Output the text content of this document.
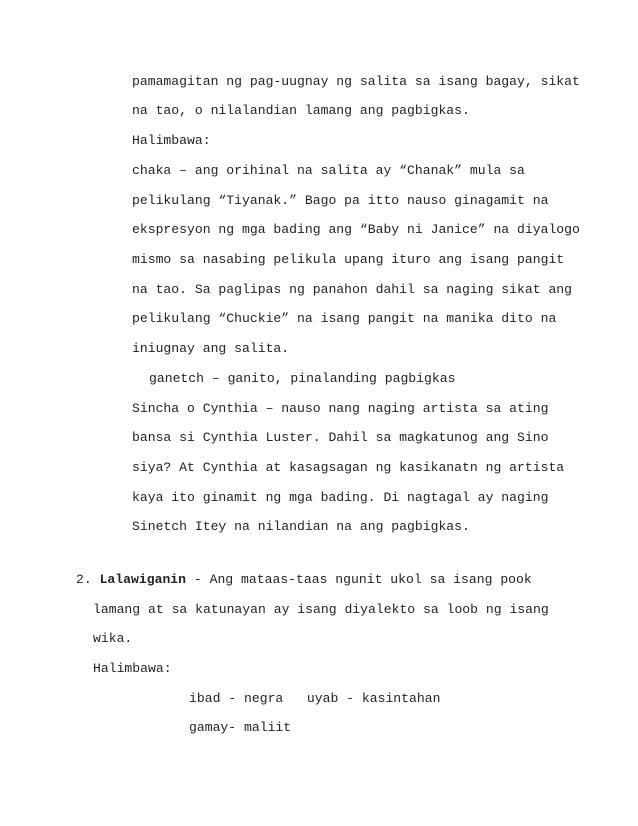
pamamagitan ng pag-uugnay ng salita sa isang bagay, sikat
na tao, o nilalandian lamang ang pagbigkas.
Halimbawa:
chaka – ang orihinal na salita ay “Chanak” mula sa
pelikulang “Tiyanak.” Bago pa itto nauso ginagamit na
ekspresyon ng mga bading ang “Baby ni Janice” na diyalogo
mismo sa nasabing pelikula upang ituro ang isang pangit
na tao. Sa paglipas ng panahon dahil sa naging sikat ang
pelikulang “Chuckie” na isang pangit na manika dito na
iniugnay ang salita.
ganetch – ganito, pinalanding pagbigkas
Sincha o Cynthia – nauso nang naging artista sa ating
bansa si Cynthia Luster. Dahil sa magkatunog ang Sino
siya? At Cynthia at kasagsagan ng kasikanatn ng artista
kaya ito ginamit ng mga bading. Di nagtagal ay naging
Sinetch Itey na nilandian na ang pagbigkas.
2. Lalawiganin - Ang mataas-taas ngunit ukol sa isang pook
lamang at sa katunayan ay isang diyalekto sa loob ng isang
wika.
Halimbawa:
ibad - negra uyab - kasintahan
gamay- maliit
